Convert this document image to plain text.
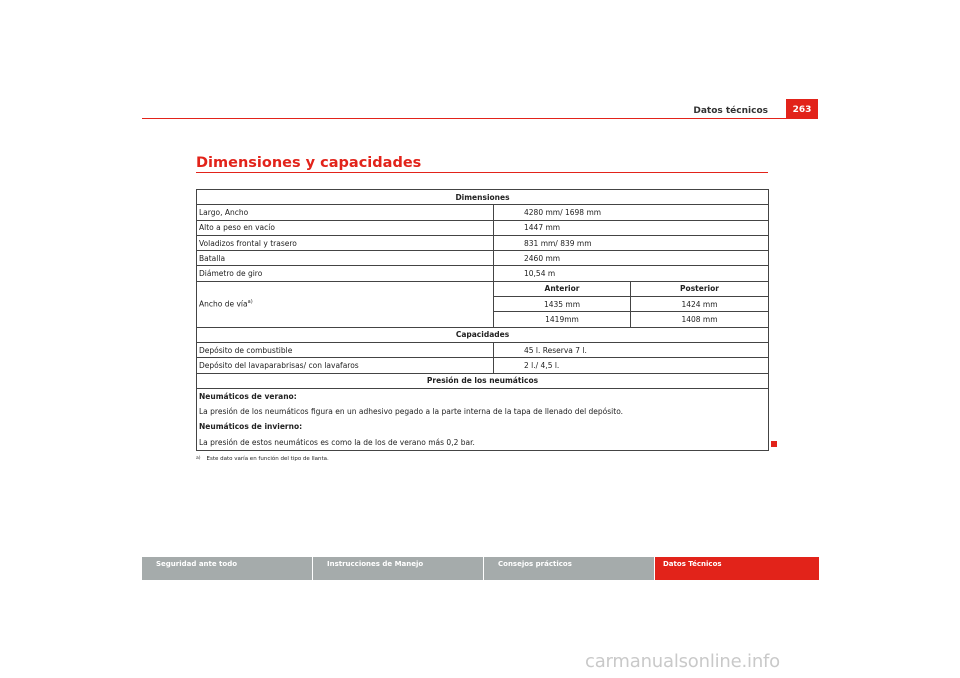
Datos técnicos	263
Dimensiones y capacidades
Dimensiones		
Largo, Ancho	4280 mm/ 1698 mm	
Alto a peso en vacío	1447 mm	
Voladizos frontal y trasero	831 mm/ 839 mm	
Batalla	2460 mm	
Diámetro de giro	10,54 m	
Ancho de vía$^{a)}$	Anterior	Posterior
	1435 mm	1424 mm
	1419mm	1408 mm
Capacidades		
Depósito de combustible	45 l. Reserva 7 l.	
Depósito del lavaparabrisas/ con lavafaros	2 l./ 4,5 l.	
Presión de los neumáticos		

Neumáticos de verano:
La presión de los neumáticos figura en un adhesivo pegado a la parte interna de la tapa de llenado del depósito.
Neumáticos de invierno:
La presión de estos neumáticos es como la de los de verano más 0,2 bar.		
$^{a)}$ Este dato varía en función del tipo de llanta.
Seguridad ante todo	Instrucciones de Manejo	Consejos prácticos	Datos Técnicos
carmanualsonline.info
